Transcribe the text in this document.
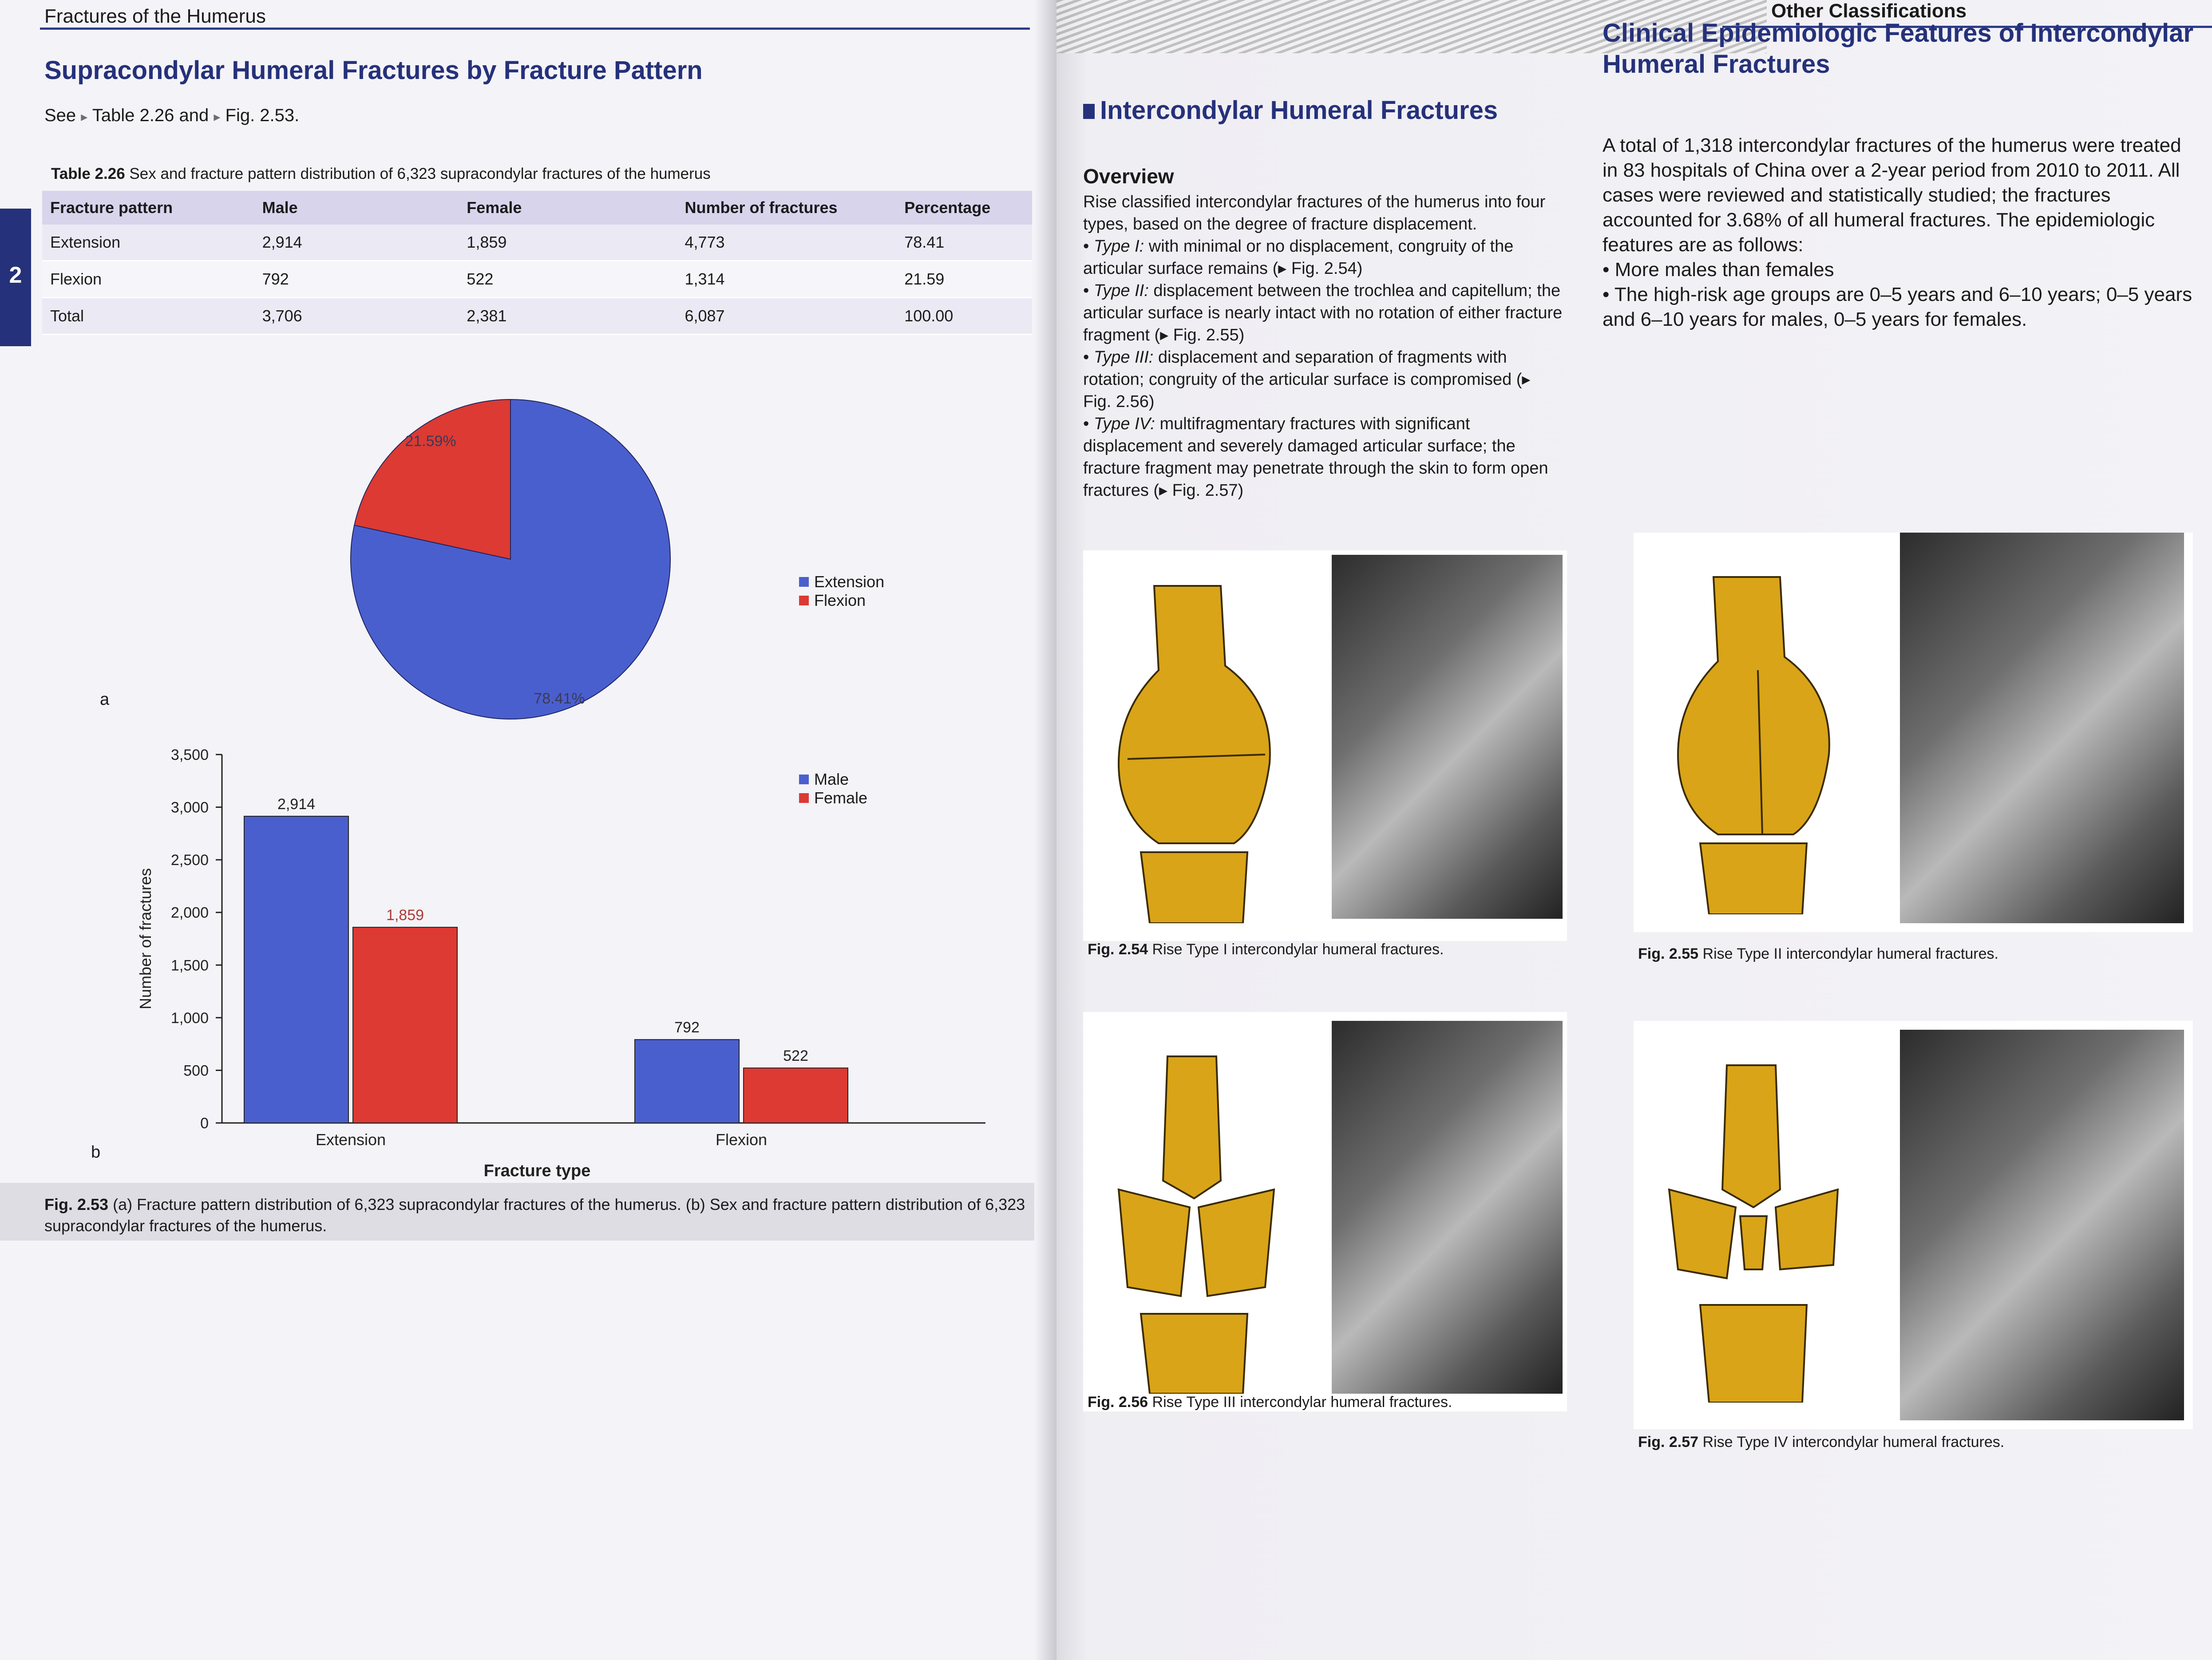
Fractures of the Humerus
Supracondylar Humeral Fractures by Fracture Pattern
See ▸ Table 2.26 and ▸ Fig. 2.53.
Table 2.26 Sex and fracture pattern distribution of 6,323 supracondylar fractures of the humerus
Fracture pattern	Male	Female	Number of fractures	Percentage
Extension	2,914	1,859	4,773	78.41
Flexion	792	522	1,314	21.59
Total	3,706	2,381	6,087	100.00
2
21.59%
78.41%
Extension
Flexion
a
0
500
1,000
1,500
2,000
2,500
3,000
3,500
Number of fractures
2,914
1,859
Extension
792
522
Flexion
Fracture type
Male
Female
b
Fig. 2.53 (a) Fracture pattern distribution of 6,323 supracondylar fractures of the humerus. (b) Sex and fracture pattern distribution of 6,323 supracondylar fractures of the humerus.
Other Classifications
Intercondylar Humeral Fractures
Overview

Rise classified intercondylar fractures of the humerus into four types, based on the degree of fracture displacement.

• Type I: with minimal or no displacement, congruity of the articular surface remains (▸ Fig. 2.54)

• Type II: displacement between the trochlea and capitellum; the articular surface is nearly intact with no rotation of either fracture fragment (▸ Fig. 2.55)

• Type III: displacement and separation of fragments with rotation; congruity of the articular surface is compromised (▸ Fig. 2.56)

• Type IV: multifragmentary fractures with significant displacement and severely damaged articular surface; the fracture fragment may penetrate through the skin to form open fractures (▸ Fig. 2.57)

Clinical Epidemiologic Features of Intercondylar Humeral Fractures

A total of 1,318 intercondylar fractures of the humerus were treated in 83 hospitals of China over a 2-year period from 2010 to 2011. All cases were reviewed and statistically studied; the fractures accounted for 3.68% of all humeral fractures. The epidemiologic features are as follows:

• More males than females

• The high-risk age groups are 0–5 years and 6–10 years; 0–5 years and 6–10 years for males, 0–5 years for females.

Fig. 2.54 Rise Type I intercondylar humeral fractures.	Fig. 2.55 Rise Type II intercondylar humeral fractures.
Fig. 2.56 Rise Type III intercondylar humeral fractures.
Fig. 2.57 Rise Type IV intercondylar humeral fractures.
